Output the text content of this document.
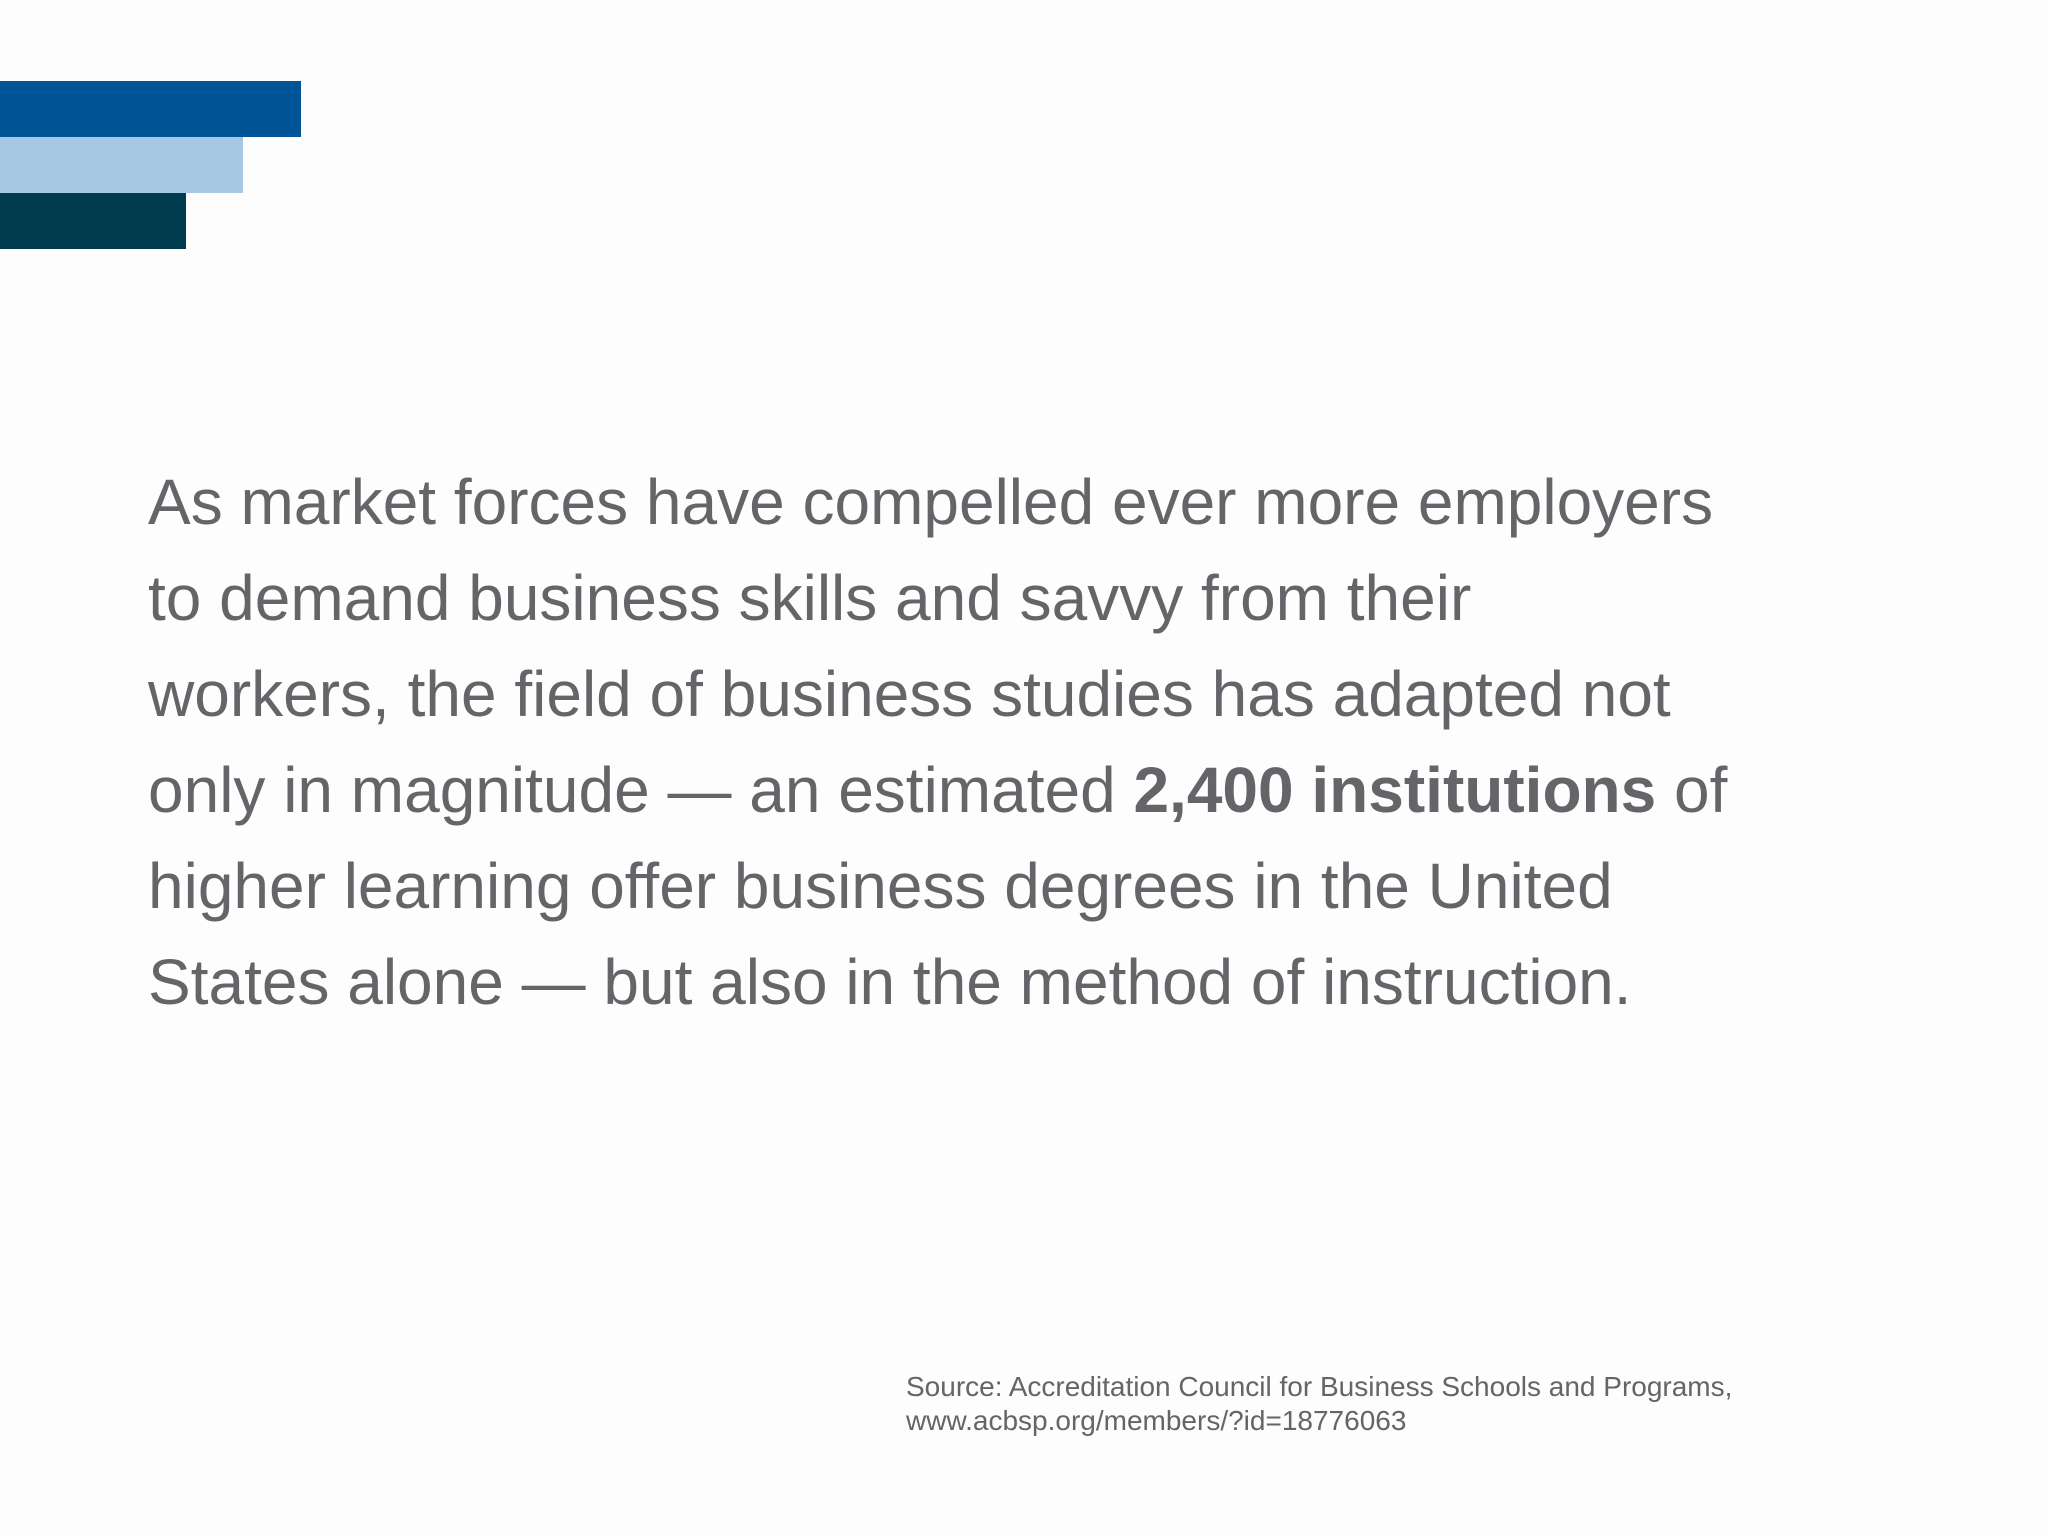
As market forces have compelled ever more employers
to demand business skills and savvy from their
workers, the field of business studies has adapted not
only in magnitude — an estimated 2,400 institutions of
higher learning offer business degrees in the United
States alone — but also in the method of instruction.

Source: Accreditation Council for Business Schools and Programs,
www.acbsp.org/members/?id=18776063
